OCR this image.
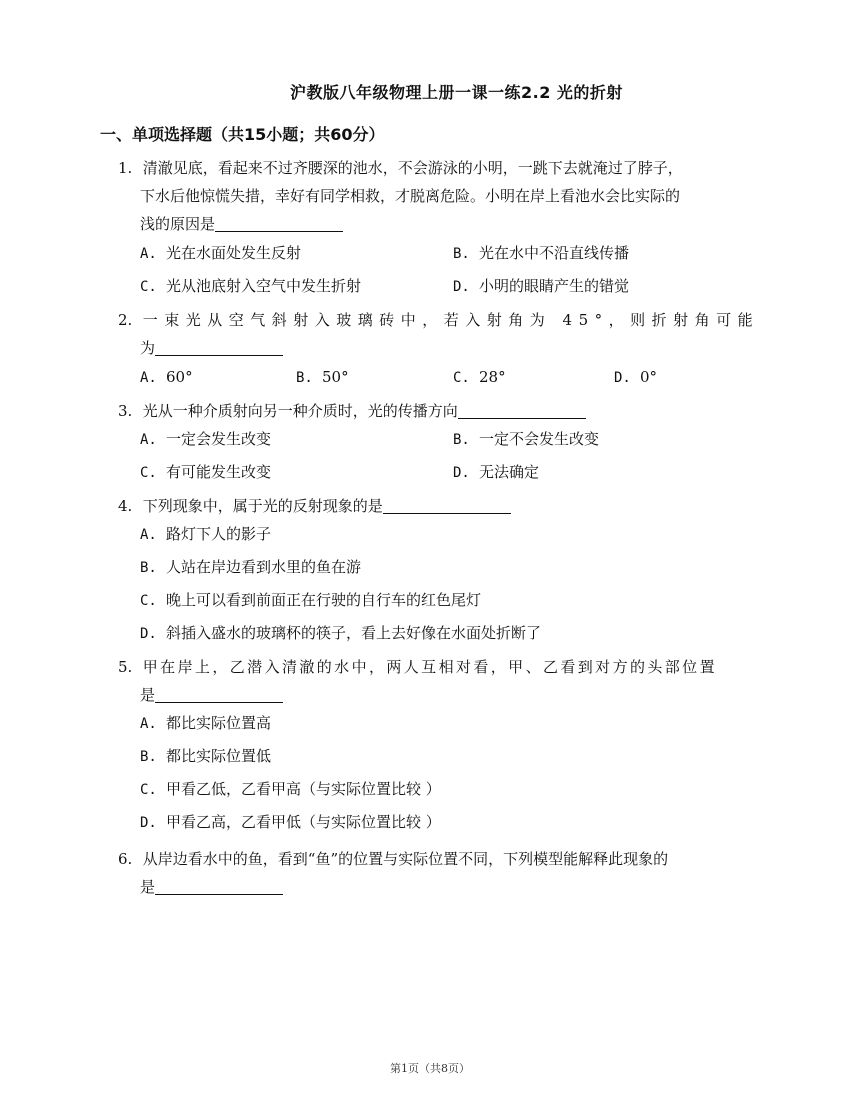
沪教版八年级物理上册一课一练2.2 光的折射
一、单项选择题（共15小题；共60分）
1. 清澈见底，看起来不过齐腰深的池水，不会游泳的小明，一跳下去就淹过了脖子，
下水后他惊慌失措，幸好有同学相救，才脱离危险。小明在岸上看池水会比实际的
浅的原因是
A. 光在水面处发生反射	B. 光在水中不沿直线传播
C. 光从池底射入空气中发生折射	D. 小明的眼睛产生的错觉
2. 一束光从空气斜射入玻璃砖中，若入射角为 45°，则折射角可能
为
A. 60°	B. 50°	C. 28°	D. 0°
3. 光从一种介质射向另一种介质时，光的传播方向
A. 一定会发生改变	B. 一定不会发生改变
C. 有可能发生改变	D. 无法确定
4. 下列现象中，属于光的反射现象的是
A. 路灯下人的影子
B. 人站在岸边看到水里的鱼在游
C. 晚上可以看到前面正在行驶的自行车的红色尾灯
D. 斜插入盛水的玻璃杯的筷子，看上去好像在水面处折断了
5. 甲在岸上，乙潜入清澈的水中，两人互相对看，甲、乙看到对方的头部位置
是
A. 都比实际位置高
B. 都比实际位置低
C. 甲看乙低，乙看甲高（与实际位置比较 ）
D. 甲看乙高，乙看甲低（与实际位置比较 ）
6. 从岸边看水中的鱼，看到“鱼”的位置与实际位置不同，下列模型能解释此现象的
是
第1页（共8页）
